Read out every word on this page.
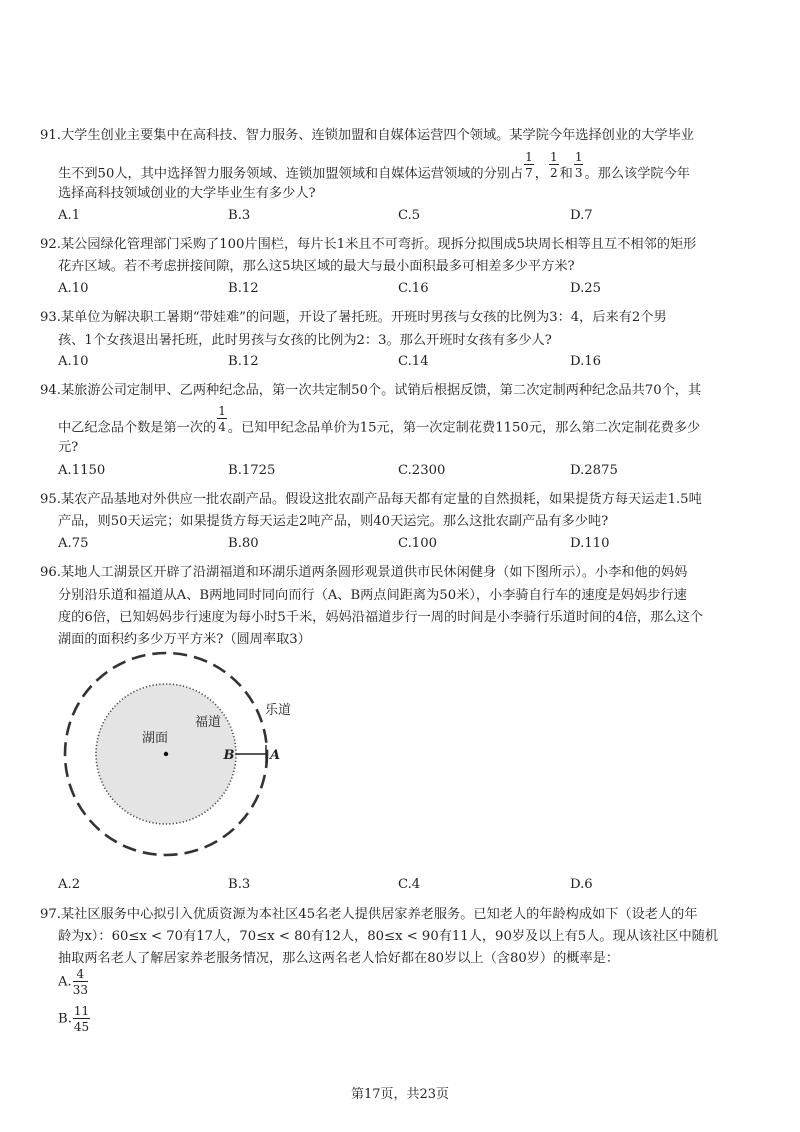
91.大学生创业主要集中在高科技、智力服务、连锁加盟和自媒体运营四个领域。某学院今年选择创业的大学毕业
生不到50人，其中选择智力服务领域、连锁加盟领域和自媒体运营领域的分别占 $\frac{1}{7}$ ， $\frac{1}{2}$ 和 $\frac{1}{3}$ 。那么该学院今年
选择高科技领域创业的大学毕业生有多少人?
A.1	B.3	C.5	D.7
92.某公园绿化管理部门采购了100片围栏，每片长1米且不可弯折。现拆分拟围成5块周长相等且互不相邻的矩形
花卉区域。若不考虑拼接间隙，那么这5块区域的最大与最小面积最多可相差多少平方米?
A.10	B.12	C.16	D.25
93.某单位为解决职工暑期“带娃难”的问题，开设了暑托班。开班时男孩与女孩的比例为3：4，后来有2个男
孩、1个女孩退出暑托班，此时男孩与女孩的比例为2：3。那么开班时女孩有多少人?
A.10	B.12	C.14	D.16
94.某旅游公司定制甲、乙两种纪念品，第一次共定制50个。试销后根据反馈，第二次定制两种纪念品共70个，其
中乙纪念品个数是第一次的 $\frac{1}{4}$ 。已知甲纪念品单价为15元，第一次定制花费1150元，那么第二次定制花费多少
元?
A.1150	B.1725	C.2300	D.2875
95.某农产品基地对外供应一批农副产品。假设这批农副产品每天都有定量的自然损耗，如果提货方每天运走1.5吨
产品，则50天运完；如果提货方每天运走2吨产品，则40天运完。那么这批农副产品有多少吨?
A.75	B.80	C.100	D.110
96.某地人工湖景区开辟了沿湖福道和环湖乐道两条圆形观景道供市民休闲健身（如下图所示）。小李和他的妈妈
分别沿乐道和福道从A、B两地同时同向而行（A、B两点间距离为50米），小李骑自行车的速度是妈妈步行速
度的6倍，已知妈妈步行速度为每小时5千米，妈妈沿福道步行一周的时间是小李骑行乐道时间的4倍，那么这个
湖面的面积约多少万平方米?（圆周率取3）
湖面
福道
乐道
B	A
A.2	B.3	C.4	D.6
97.某社区服务中心拟引入优质资源为本社区45名老人提供居家养老服务。已知老人的年龄构成如下（设老人的年
龄为x）：60≤x < 70有17人，70≤x < 80有12人，80≤x < 90有11人，90岁及以上有5人。现从该社区中随机
抽取两名老人了解居家养老服务情况，那么这两名老人恰好都在80岁以上（含80岁）的概率是：
A. $\frac{4}{33}$
B. $\frac{11}{45}$
第17页，共23页
